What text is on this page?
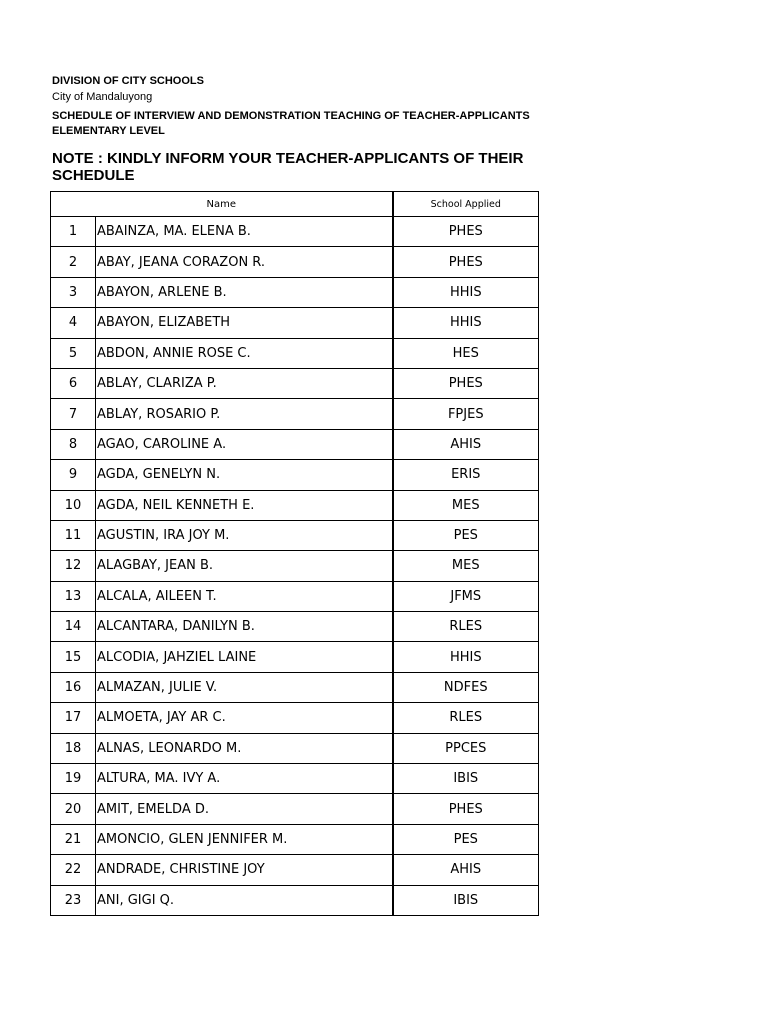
DIVISION OF CITY SCHOOLS
City of Mandaluyong
SCHEDULE OF INTERVIEW AND DEMONSTRATION TEACHING OF TEACHER-APPLICANTS
ELEMENTARY LEVEL
NOTE : KINDLY INFORM YOUR TEACHER-APPLICANTS OF THEIR
SCHEDULE
Name		School Applied
1	ABAINZA, MA. ELENA B.	PHES
2	ABAY, JEANA CORAZON R.	PHES
3	ABAYON, ARLENE B.	HHIS
4	ABAYON, ELIZABETH	HHIS
5	ABDON, ANNIE ROSE C.	HES
6	ABLAY, CLARIZA P.	PHES
7	ABLAY, ROSARIO P.	FPJES
8	AGAO, CAROLINE A.	AHIS
9	AGDA, GENELYN N.	ERIS
10	AGDA, NEIL KENNETH E.	MES
11	AGUSTIN, IRA JOY M.	PES
12	ALAGBAY, JEAN B.	MES
13	ALCALA, AILEEN T.	JFMS
14	ALCANTARA, DANILYN B.	RLES
15	ALCODIA, JAHZIEL LAINE	HHIS
16	ALMAZAN, JULIE V.	NDFES
17	ALMOETA, JAY AR C.	RLES
18	ALNAS, LEONARDO M.	PPCES
19	ALTURA, MA. IVY A.	IBIS
20	AMIT, EMELDA D.	PHES
21	AMONCIO, GLEN JENNIFER M.	PES
22	ANDRADE, CHRISTINE JOY	AHIS
23	ANI, GIGI Q.	IBIS
